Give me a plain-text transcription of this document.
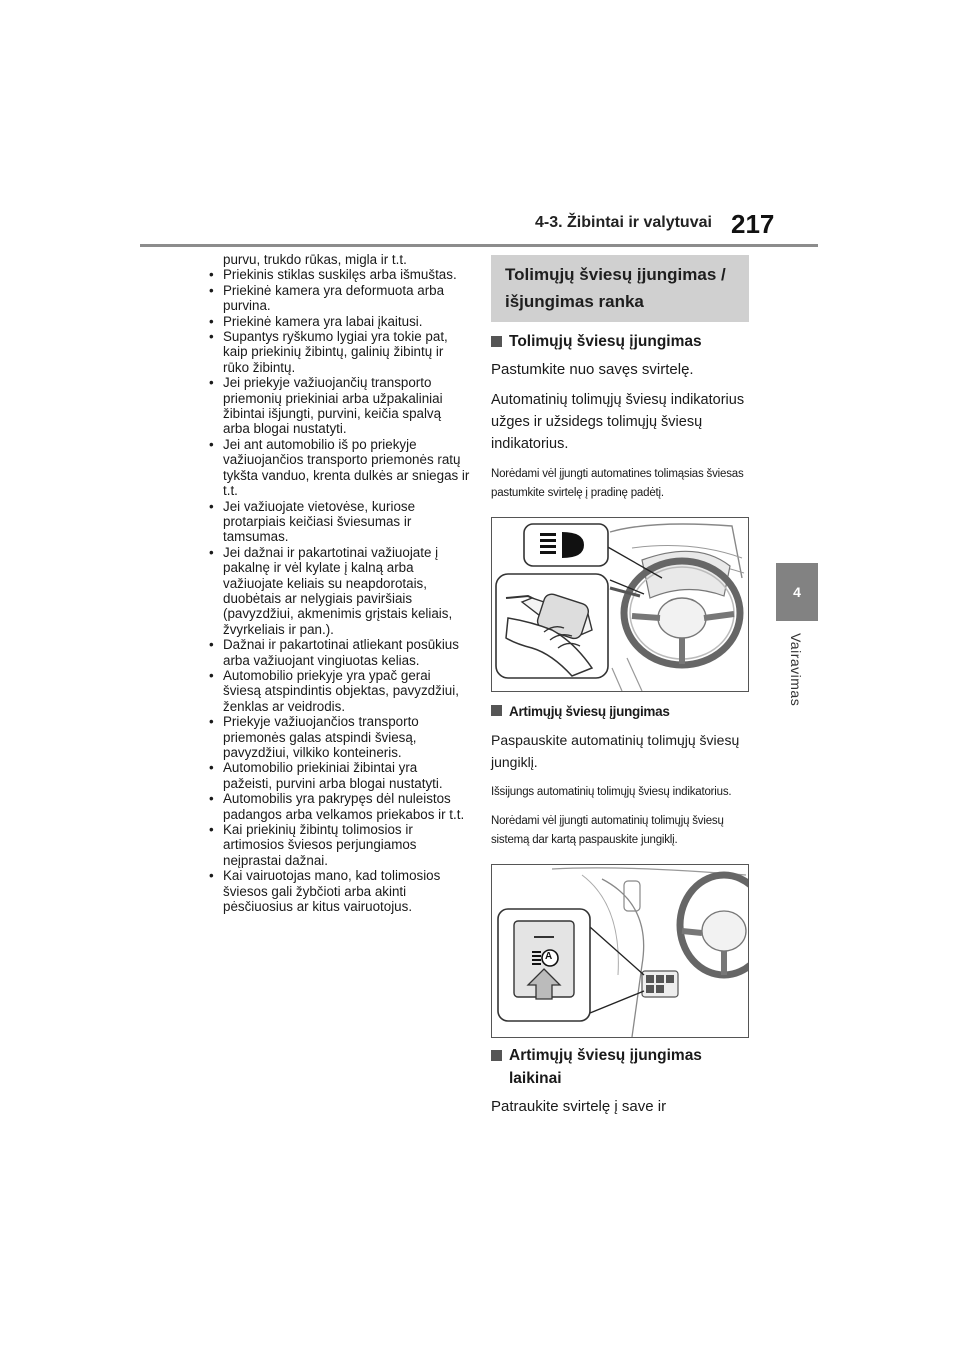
4-3. Žibintai ir valytuvai 217
4
Vairavimas

purvu, trukdo rūkas, migla ir t.t.

• Priekinis stiklas suskilęs arba išmuštas.
• Priekinė kamera yra deformuota arba purvina.
• Priekinė kamera yra labai įkaitusi.
• Supantys ryškumo lygiai yra tokie pat, kaip priekinių žibintų, galinių žibintų ir rūko žibintų.
• Jei priekyje važiuojančių transporto priemonių priekiniai arba užpakaliniai žibintai išjungti, purvini, keičia spalvą arba blogai nustatyti.
• Jei ant automobilio iš po priekyje važiuojančios transporto priemonės ratų tykšta vanduo, krenta dulkės ar sniegas ir t.t.
• Jei važiuojate vietovėse, kuriose protarpiais keičiasi šviesumas ir tamsumas.
• Jei dažnai ir pakartotinai važiuojate į pakalnę ir vėl kylate į kalną arba važiuojate keliais su neapdorotais, duobėtais ar nelygiais paviršiais (pavyzdžiui, akmenimis grįstais keliais, žvyrkeliais ir pan.).
• Dažnai ir pakartotinai atliekant posūkius arba važiuojant vingiuotas kelias.
• Automobilio priekyje yra ypač gerai šviesą atspindintis objektas, pavyzdžiui, ženklas ar veidrodis.
• Priekyje važiuojančios transporto priemonės galas atspindi šviesą, pavyzdžiui, vilkiko konteineris.
• Automobilio priekiniai žibintai yra pažeisti, purvini arba blogai nustatyti.
• Automobilis yra pakrypęs dėl nuleistos padangos arba velkamos priekabos ir t.t.
• Kai priekinių žibintų tolimosios ir artimosios šviesos perjungiamos neįprastai dažnai.
• Kai vairuotojas mano, kad tolimosios šviesos gali žybčioti arba akinti pėsčiuosius ar kitus vairuotojus.
Tolimųjų šviesų įjungimas / išjungimas ranka
Tolimųjų šviesų įjungimas

Pastumkite nuo savęs svirtelę.

Automatinių tolimųjų šviesų indikatorius užges ir užsidegs tolimųjų šviesų indikatorius.

Norėdami vėl įjungti automatines tolimąsias šviesas pastumkite svirtelę į pradinę padėtį.

Artimųjų šviesų įjungimas

Paspauskite automatinių tolimųjų šviesų jungiklį.

Išsijungs automatinių tolimųjų šviesų indikatorius.

Norėdami vėl įjungti automatinių tolimųjų šviesų sistemą dar kartą paspauskite jungiklį.

A
Artimųjų šviesų įjungimas laikinai

Patraukite svirtelę į save ir
